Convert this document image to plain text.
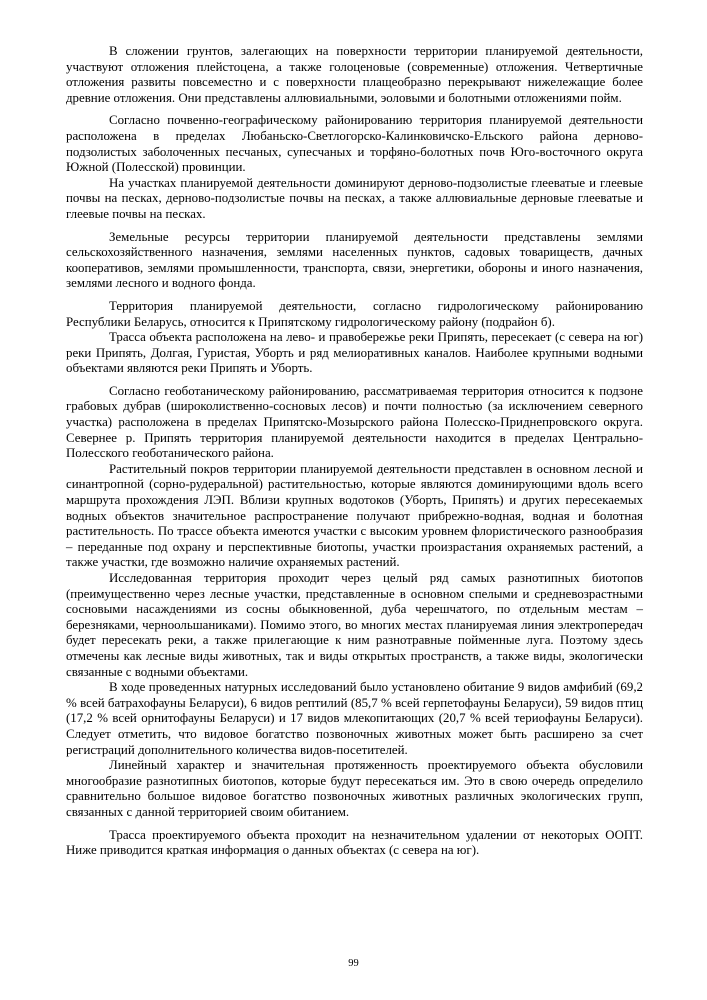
В сложении грунтов, залегающих на поверхности территории планируемой деятельности, участвуют отложения плейстоцена, а также голоценовые (современные) отложения. Четвертичные отложения развиты повсеместно и с поверхности плащеобразно перекрывают нижележащие более древние отложения. Они представлены аллювиальными, эоловыми и болотными отложениями пойм.

Согласно почвенно-географическому районированию территория планируемой деятельности расположена в пределах Любаньско-Светлогорско-Калинковичско-Ельского района дерново-подзолистых заболоченных песчаных, супесчаных и торфяно-болотных почв Юго-восточного округа Южной (Полесской) провинции.

На участках планируемой деятельности доминируют дерново-подзолистые глееватые и глеевые почвы на песках, дерново-подзолистые почвы на песках, а также аллювиальные дерновые глееватые и глеевые почвы на песках.

Земельные ресурсы территории планируемой деятельности представлены землями сельскохозяйственного назначения, землями населенных пунктов, садовых товариществ, дачных кооперативов, землями промышленности, транспорта, связи, энергетики, обороны и иного назначения, землями лесного и водного фонда.

Территория планируемой деятельности, согласно гидрологическому районированию Республики Беларусь, относится к Припятскому гидрологическому району (подрайон б).

Трасса объекта расположена на лево- и правобережье реки Припять, пересекает (с севера на юг) реки Припять, Долгая, Гуристая, Уборть и ряд мелиоративных каналов. Наиболее крупными водными объектами являются реки Припять и Уборть.

Согласно геоботаническому районированию, рассматриваемая территория относится к подзоне грабовых дубрав (широколиственно-сосновых лесов) и почти полностью (за исключением северного участка) расположена в пределах Припятско-Мозырского района Полесско-Приднепровского округа. Севернее р. Припять территория планируемой деятельности находится в пределах Центрально-Полесского геоботанического района.

Растительный покров территории планируемой деятельности представлен в основном лесной и синантропной (сорно-рудеральной) растительностью, которые являются доминирующими вдоль всего маршрута прохождения ЛЭП. Вблизи крупных водотоков (Уборть, Припять) и других пересекаемых водных объектов значительное распространение получают прибрежно-водная, водная и болотная растительность. По трассе объекта имеются участки с высоким уровнем флористического разнообразия – переданные под охрану и перспективные биотопы, участки произрастания охраняемых растений, а также участки, где возможно наличие охраняемых растений.

Исследованная территория проходит через целый ряд самых разнотипных биотопов (преимущественно через лесные участки, представленные в основном спелыми и средневозрастными сосновыми насаждениями из сосны обыкновенной, дуба черешчатого, по отдельным местам – березняками, черноольшаниками). Помимо этого, во многих местах планируемая линия электропередач будет пересекать реки, а также прилегающие к ним разнотравные пойменные луга. Поэтому здесь отмечены как лесные виды животных, так и виды открытых пространств, а также виды, экологически связанные с водными объектами.

В ходе проведенных натурных исследований было установлено обитание 9 видов амфибий (69,2 % всей батрахофауны Беларуси), 6 видов рептилий (85,7 % всей герпетофауны Беларуси), 59 видов птиц (17,2 % всей орнитофауны Беларуси) и 17 видов млекопитающих (20,7 % всей териофауны Беларуси). Следует отметить, что видовое богатство позвоночных животных может быть расширено за счет регистраций дополнительного количества видов-посетителей.

Линейный характер и значительная протяженность проектируемого объекта обусловили многообразие разнотипных биотопов, которые будут пересекаться им. Это в свою очередь определило сравнительно большое видовое богатство позвоночных животных различных экологических групп, связанных с данной территорией своим обитанием.

Трасса проектируемого объекта проходит на незначительном удалении от некоторых ООПТ. Ниже приводится краткая информация о данных объектах (с севера на юг).

99
